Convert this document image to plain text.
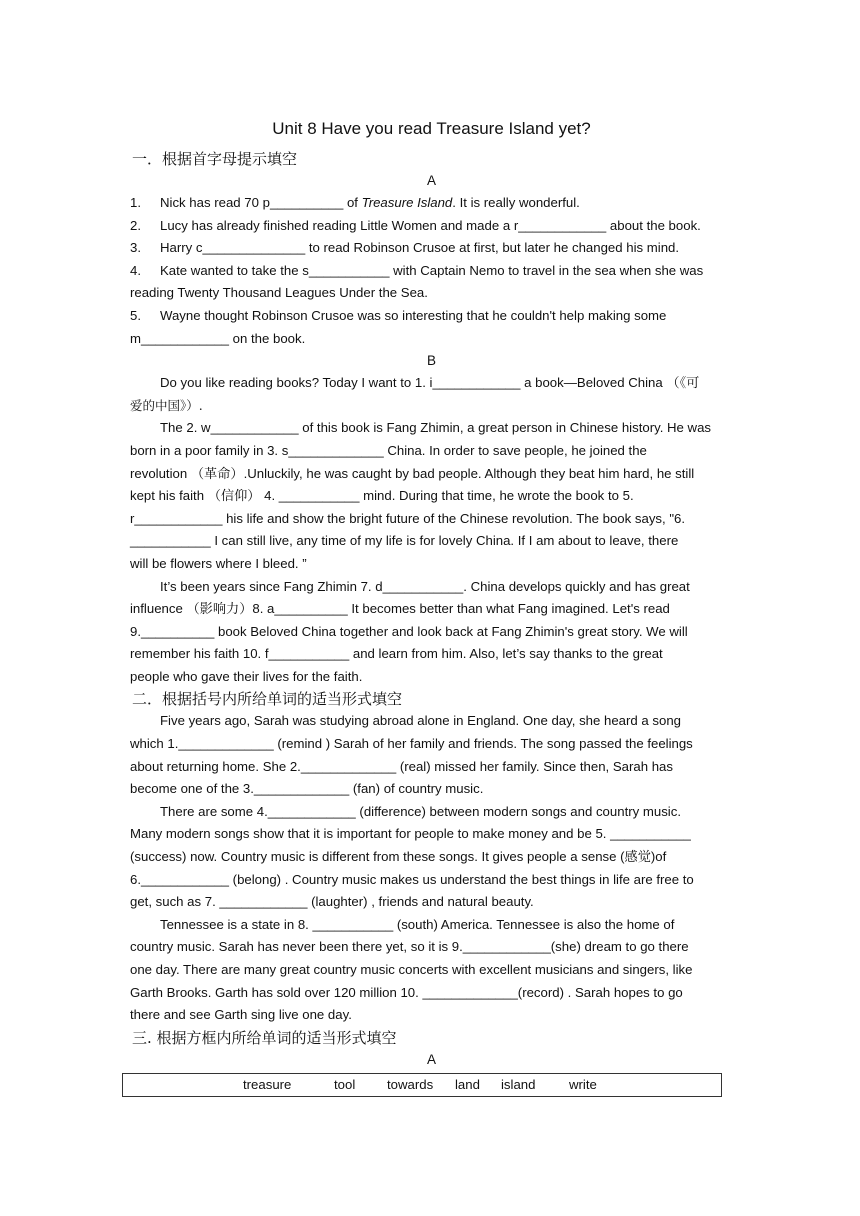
Unit 8 Have you read Treasure Island yet?
一．根据首字母提示填空
A
1. Nick has read 70 p__________ of Treasure Island. It is really wonderful.
2. Lucy has already finished reading Little Women and made a r____________ about the book.
3. Harry c______________ to read Robinson Crusoe at first, but later he changed his mind.
4. Kate wanted to take the s___________ with Captain Nemo to travel in the sea when she was
reading Twenty Thousand Leagues Under the Sea.
5. Wayne thought Robinson Crusoe was so interesting that he couldn't help making some
m____________ on the book.
B
Do you like reading books? Today I want to 1. i____________ a book—Beloved China （《可
爱的中国》）.
The 2. w____________ of this book is Fang Zhimin, a great person in Chinese history. He was
born in a poor family in 3. s_____________ China. In order to save people, he joined the
revolution （革命）.Unluckily, he was caught by bad people. Although they beat him hard, he still
kept his faith （信仰） 4. ___________ mind. During that time, he wrote the book to 5.
r____________ his life and show the bright future of the Chinese revolution. The book says, "6.
___________ I can still live, any time of my life is for lovely China. If I am about to leave, there
will be flowers where I bleed. ”
It’s been years since Fang Zhimin 7. d___________. China develops quickly and has great
influence （影响力）8. a__________ It becomes better than what Fang imagined. Let's read
9.__________ book Beloved China together and look back at Fang Zhimin's great story. We will
remember his faith 10. f___________ and learn from him. Also, let’s say thanks to the great
people who gave their lives for the faith.
二．根据括号内所给单词的适当形式填空
Five years ago, Sarah was studying abroad alone in England. One day, she heard a song
which 1._____________ (remind ) Sarah of her family and friends. The song passed the feelings
about returning home. She 2._____________ (real) missed her family. Since then, Sarah has
become one of the 3._____________ (fan) of country music.
There are some 4.____________ (difference) between modern songs and country music.
Many modern songs show that it is important for people to make money and be 5. ___________
(success) now. Country music is different from these songs. It gives people a sense (感觉)of
6.____________ (belong) . Country music makes us understand the best things in life are free to
get, such as 7. ____________ (laughter) , friends and natural beauty.
Tennessee is a state in 8. ___________ (south) America. Tennessee is also the home of
country music. Sarah has never been there yet, so it is 9.____________(she) dream to go there
one day. There are many great country music concerts with excellent musicians and singers, like
Garth Brooks. Garth has sold over 120 million 10. _____________(record) . Sarah hopes to go
there and see Garth sing live one day.
三. 根据方框内所给单词的适当形式填空
A
treasure	tool towards land island	write
